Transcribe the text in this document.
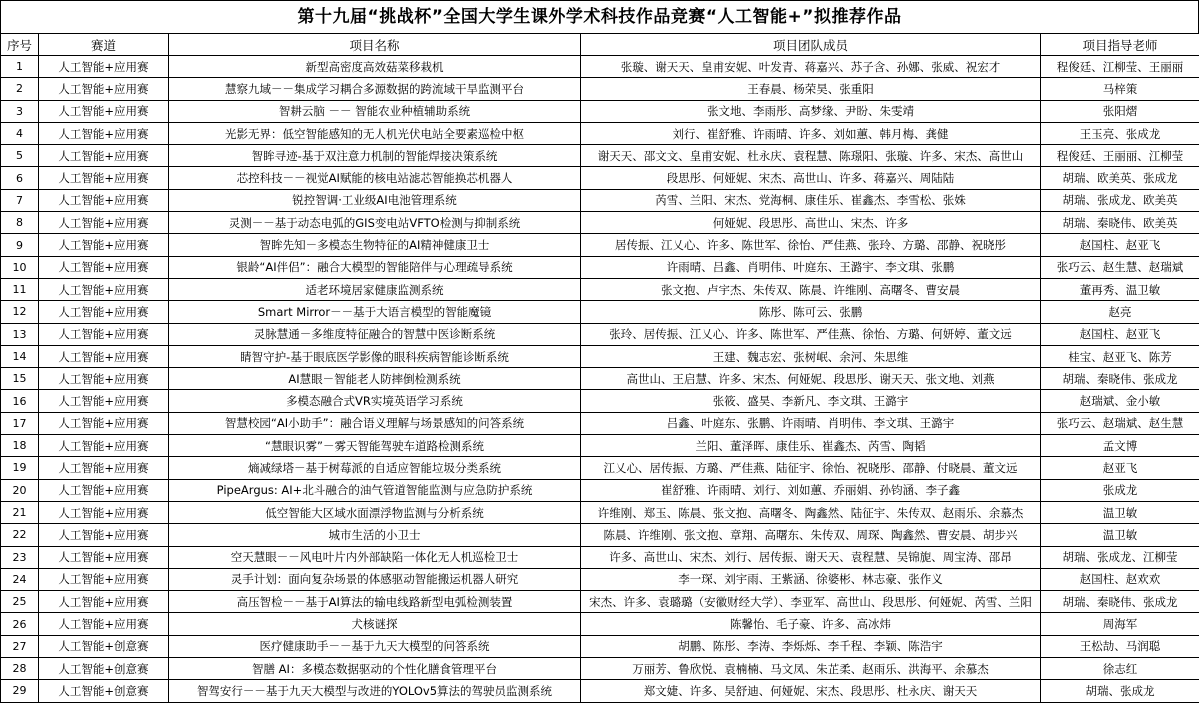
第十九届“挑战杯”全国大学生课外学术科技作品竞赛“人工智能+”拟推荐作品
序号	赛道	项目名称	项目团队成员	项目指导老师
1	人工智能+应用赛	新型高密度高效菇菜移栽机	张璇、谢天天、皇甫安妮、叶发青、蒋嘉兴、苏子含、孙娜、张威、祝宏才	程俊廷、江柳莹、王丽丽
2	人工智能+应用赛	慧察九域－－集成学习耦合多源数据的跨流域干旱监测平台	王春晨、杨荣昊、张重阳	马梓策
3	人工智能+应用赛	智耕云脑 －－ 智能农业种植辅助系统	张文地、李雨彤、高梦缘、尹盼、朱雯靖	张阳熠
4	人工智能+应用赛	光影无界：低空智能感知的无人机光伏电站全要素巡检中枢	刘行、崔舒雅、许雨晴、许多、刘如蕙、韩月梅、龚健	王玉亮、张成龙
5	人工智能+应用赛	智眸寻迹-基于双注意力机制的智能焊接决策系统	谢天天、邵文文、皇甫安妮、杜永庆、袁程慧、陈璟阳、张璇、许多、宋杰、高世山	程俊廷、王丽丽、江柳莹
6	人工智能+应用赛	芯控科技－－视觉AI赋能的核电站滤芯智能换芯机器人	段思彤、何娅妮、宋杰、高世山、许多、蒋嘉兴、周陆陆	胡瑞、欧美英、张成龙
7	人工智能+应用赛	锐控智调·工业级AI电池管理系统	芮雪、兰阳、宋杰、党海桐、康佳乐、崔鑫杰、李雪松、张姝	胡瑞、张成龙、欧美英
8	人工智能+应用赛	灵测－－基于动态电弧的GIS变电站VFTO检测与抑制系统	何娅妮、段思彤、高世山、宋杰、许多	胡瑞、秦晓伟、欧美英
9	人工智能+应用赛	智眸先知－多模态生物特征的AI精神健康卫士	居传振、江乂心、许多、陈世军、徐怡、严佳燕、张玲、方璐、邵静、祝晓彤	赵国柱、赵亚飞
10	人工智能+应用赛	银龄“AI伴侣”：融合大模型的智能陪伴与心理疏导系统	许雨晴、吕鑫、肖明伟、叶庭东、王潞宇、李文琪、张鹏	张巧云、赵生慧、赵瑞斌
11	人工智能+应用赛	适老环境居家健康监测系统	张文抱、卢宇杰、朱传双、陈晨、许维刚、高曙冬、曹安晨	董再秀、温卫敏
12	人工智能+应用赛	Smart Mirror－－基于大语言模型的智能魔镜	陈彤、陈可云、张鹏	赵亮
13	人工智能+应用赛	灵脉慧通－多维度特征融合的智慧中医诊断系统	张玲、居传振、江乂心、许多、陈世军、严佳燕、徐怡、方璐、何妍婷、董文远	赵国柱、赵亚飞
14	人工智能+应用赛	睛智守护-基于眼底医学影像的眼科疾病智能诊断系统	王建、魏志宏、张树岷、余河、朱思维	桂宝、赵亚飞、陈芳
15	人工智能+应用赛	AI慧眼－智能老人防摔倒检测系统	高世山、王启慧、许多、宋杰、何娅妮、段思彤、谢天天、张文地、刘燕	胡瑞、秦晓伟、张成龙
16	人工智能+应用赛	多模态融合式VR实境英语学习系统	张筱、盛昊、李新凡、李文琪、王潞宇	赵瑞斌、金小敏
17	人工智能+应用赛	智慧校园“AI小助手”：融合语义理解与场景感知的问答系统	吕鑫、叶庭东、张鹏、许雨晴、肖明伟、李文琪、王潞宇	张巧云、赵瑞斌、赵生慧
18	人工智能+应用赛	“慧眼识雾”－雾天智能驾驶车道路检测系统	兰阳、董泽晖、康佳乐、崔鑫杰、芮雪、陶韬	孟文博
19	人工智能+应用赛	熵减绿塔－基于树莓派的自适应智能垃圾分类系统	江乂心、居传振、方璐、严佳燕、陆征宇、徐怡、祝晓彤、邵静、付晓晨、董文远	赵亚飞
20	人工智能+应用赛	PipeArgus: AI+北斗融合的油气管道智能监测与应急防护系统	崔舒雅、许雨晴、刘行、刘如蕙、乔丽娟、孙钧涵、李子鑫	张成龙
21	人工智能+应用赛	低空智能大区域水面漂浮物监测与分析系统	许维刚、郑玉、陈晨、张文抱、高曙冬、陶鑫然、陆征宇、朱传双、赵雨乐、余慕杰	温卫敏
22	人工智能+应用赛	城市生活的小卫士	陈晨、许维刚、张文抱、章翔、高曙东、朱传双、周琛、陶鑫然、曹安晨、胡步兴	温卫敏
23	人工智能+应用赛	空天慧眼－－风电叶片内外部缺陷一体化无人机巡检卫士	许多、高世山、宋杰、刘行、居传振、谢天天、袁程慧、吴锦旎、周宝涛、邵昂	胡瑞、张成龙、江柳莹
24	人工智能+应用赛	灵手计划：面向复杂场景的体感驱动智能搬运机器人研究	李一琛、刘宇雨、王紫涵、徐婆彬、林志豪、张作义	赵国柱、赵欢欢
25	人工智能+应用赛	高压智检－－基于AI算法的输电线路新型电弧检测装置	宋杰、许多、袁璐璐（安徽财经大学）、李亚军、高世山、段思彤、何娅妮、芮雪、兰阳	胡瑞、秦晓伟、张成龙
26	人工智能+应用赛	犬核谜探	陈馨怡、毛子豪、许多、高冰炜	周海军
27	人工智能+创意赛	医疗健康助手－－基于九天大模型的问答系统	胡鹏、陈彤、李涛、李烁烁、李千程、李颖、陈浩宇	王松劼、马润聪
28	人工智能+创意赛	智膳 AI：多模态数据驱动的个性化膳食管理平台	万丽芳、鲁欣悦、袁楠楠、马文凤、朱芷柔、赵雨乐、洪海平、余慕杰	徐志红
29	人工智能+创意赛	智驾安行－－基于九天大模型与改进的YOLOv5算法的驾驶员监测系统	郑文婕、许多、吴舒迪、何娅妮、宋杰、段思彤、杜永庆、谢天天	胡瑞、张成龙
